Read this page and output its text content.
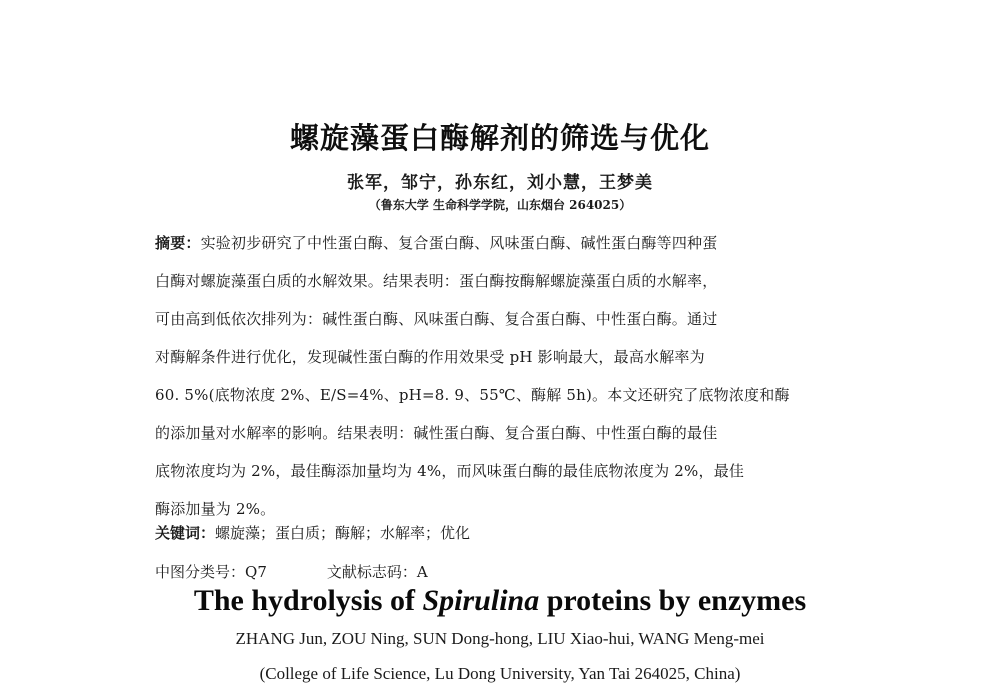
螺旋藻蛋白酶解剂的筛选与优化
张军，邹宁，孙东红，刘小慧，王梦美
（鲁东大学 生命科学学院，山东烟台 264025）
摘要：实验初步研究了中性蛋白酶、复合蛋白酶、风味蛋白酶、碱性蛋白酶等四种蛋
白酶对螺旋藻蛋白质的水解效果。结果表明：蛋白酶按酶解螺旋藻蛋白质的水解率，
可由高到低依次排列为：碱性蛋白酶、风味蛋白酶、复合蛋白酶、中性蛋白酶。通过
对酶解条件进行优化，发现碱性蛋白酶的作用效果受 pH 影响最大，最高水解率为
60. 5%(底物浓度 2%、E/S=4%、pH=8. 9、55℃、酶解 5h)。本文还研究了底物浓度和酶
的添加量对水解率的影响。结果表明：碱性蛋白酶、复合蛋白酶、中性蛋白酶的最佳
底物浓度均为 2%，最佳酶添加量均为 4%，而风味蛋白酶的最佳底物浓度为 2%，最佳
酶添加量为 2%。
关键词：螺旋藻；蛋白质；酶解；水解率；优化
中图分类号：Q7	文献标志码：A
The hydrolysis of Spirulina proteins by enzymes
ZHANG Jun, ZOU Ning, SUN Dong-hong, LIU Xiao-hui, WANG Meng-mei
(College of Life Science, Lu Dong University, Yan Tai 264025, China)
